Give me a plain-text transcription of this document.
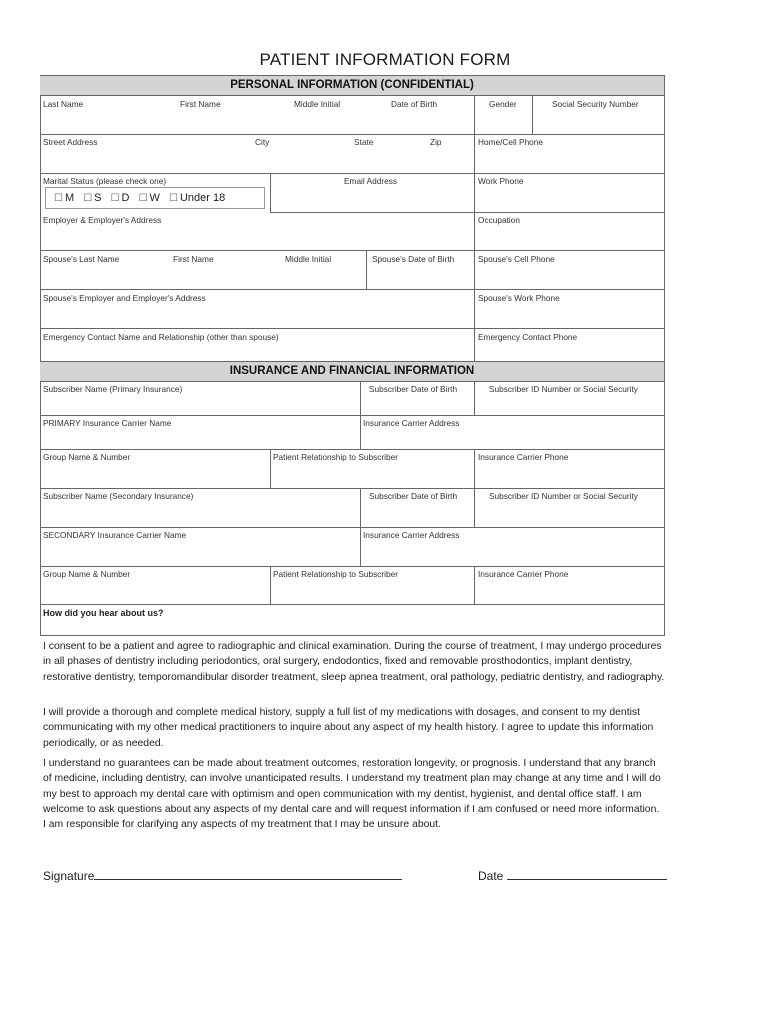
PATIENT INFORMATION FORM
PERSONAL INFORMATION (CONFIDENTIAL)
Last Name	First Name	Middle Initial	Date of Birth	Gender	Social Security Number
Street Address	City	State	Zip	Home/Cell Phone
Marital Status (please check one)
☐ M ☐ S ☐ D ☐ W ☐ Under 18
Email Address	Work Phone
Employer & Employer's Address	Occupation
Spouse's Last Name	First Name	Middle Initial	Spouse's Date of Birth	Spouse's Cell Phone
Spouse's Employer and Employer's Address	Spouse's Work Phone
Emergency Contact Name and Relationship (other than spouse)	Emergency Contact Phone
INSURANCE AND FINANCIAL INFORMATION
Subscriber Name (Primary Insurance)	Subscriber Date of Birth	Subscriber ID Number or Social Security
PRIMARY Insurance Carrier Name	Insurance Carrier Address
Group Name & Number	Patient Relationship to Subscriber	Insurance Carrier Phone
Subscriber Name (Secondary Insurance)	Subscriber Date of Birth	Subscriber ID Number or Social Security
SECONDARY Insurance Carrier Name	Insurance Carrier Address
Group Name & Number	Patient Relationship to Subscriber	Insurance Carrier Phone
How did you hear about us?
I consent to be a patient and agree to radiographic and clinical examination. During the course of treatment, I may undergo procedures in all phases of dentistry including periodontics, oral surgery, endodontics, fixed and removable prosthodontics, implant dentistry, restorative dentistry, temporomandibular disorder treatment, sleep apnea treatment, oral pathology, pediatric dentistry, and radiography.
I will provide a thorough and complete medical history, supply a full list of my medications with dosages, and consent to my dentist communicating with my other medical practitioners to inquire about any aspect of my health history. I agree to update this information periodically, or as needed.
I understand no guarantees can be made about treatment outcomes, restoration longevity, or prognosis. I understand that any branch of medicine, including dentistry, can involve unanticipated results. I understand my treatment plan may change at any time and I will do my best to approach my dental care with optimism and open communication with my dentist, hygienist, and dental office staff. I am welcome to ask questions about any aspects of my dental care and will request information if I am confused or need more information. I am responsible for clarifying any aspects of my treatment that I may be unsure about.
Signature	Date
